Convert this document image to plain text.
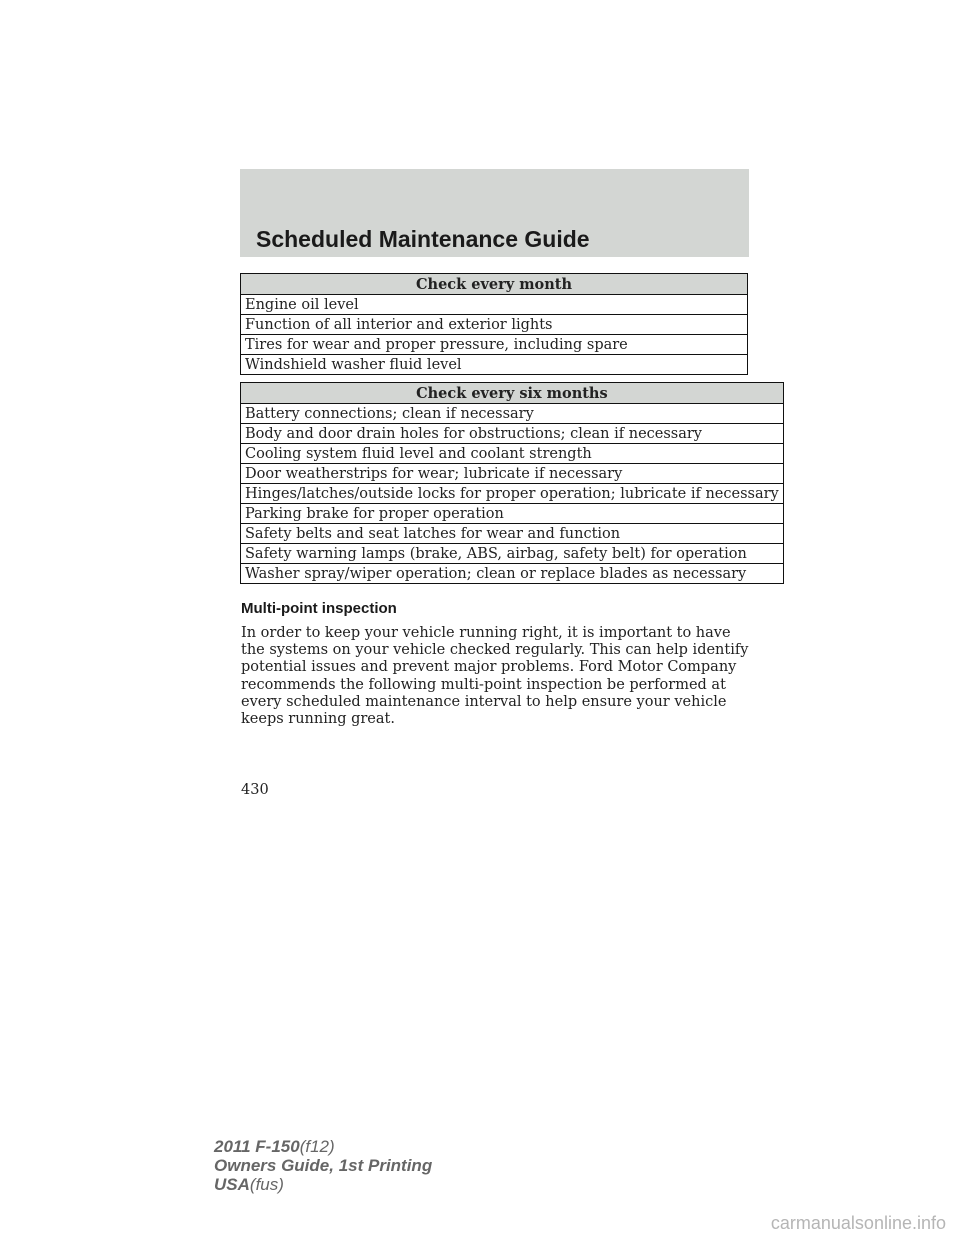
Scheduled Maintenance Guide
Check every month
Engine oil level
Function of all interior and exterior lights
Tires for wear and proper pressure, including spare
Windshield washer fluid level
Check every six months
Battery connections; clean if necessary
Body and door drain holes for obstructions; clean if necessary
Cooling system fluid level and coolant strength
Door weatherstrips for wear; lubricate if necessary
Hinges/latches/outside locks for proper operation; lubricate if necessary
Parking brake for proper operation
Safety belts and seat latches for wear and function
Safety warning lamps (brake, ABS, airbag, safety belt) for operation
Washer spray/wiper operation; clean or replace blades as necessary
Multi-point inspection

In order to keep your vehicle running right, it is important to have the systems on your vehicle checked regularly. This can help identify potential issues and prevent major problems. Ford Motor Company recommends the following multi-point inspection be performed at every scheduled maintenance interval to help ensure your vehicle keeps running great.

430
2011 F-150(f12)
Owners Guide, 1st Printing
USA(fus)
carmanualsonline.info
